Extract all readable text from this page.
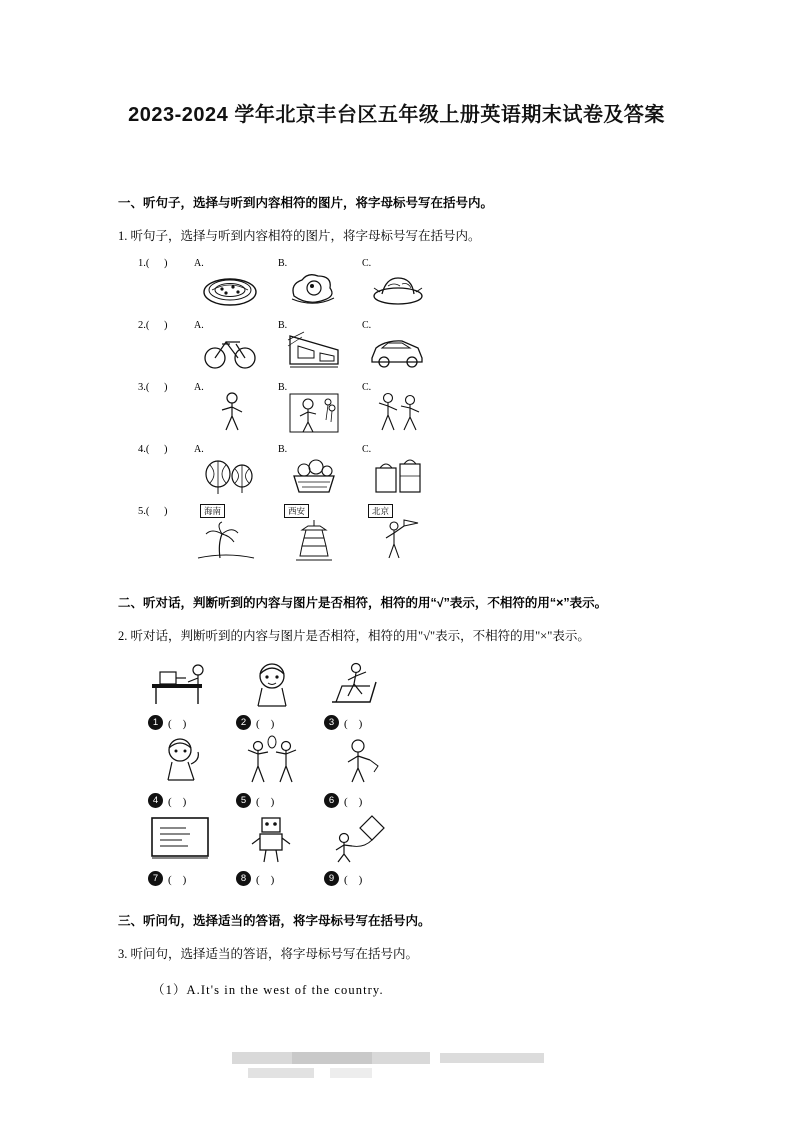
2023-2024 学年北京丰台区五年级上册英语期末试卷及答案
一、听句子，选择与听到内容相符的图片，将字母标号写在括号内。
1. 听句子，选择与听到内容相符的图片，将字母标号写在括号内。
1.( )	A.	B.	C.
2.( )	A.	B.	C.
3.( )	A.	B.	C.
4.( )	A.	B.	C.
5.( )	海南	西安	北京
二、听对话，判断听到的内容与图片是否相符，相符的用“√”表示，不相符的用“×”表示。
2. 听对话，判断听到的内容与图片是否相符，相符的用"√"表示，不相符的用"×"表示。
1 (　)	2 (　)	3 (　)
4 (　)	5 (　)	6 (　)
7 (　)	8 (　)	9 (　)
三、听问句，选择适当的答语，将字母标号写在括号内。
3. 听问句，选择适当的答语，将字母标号写在括号内。
（1）A.It's in the west of the country.
